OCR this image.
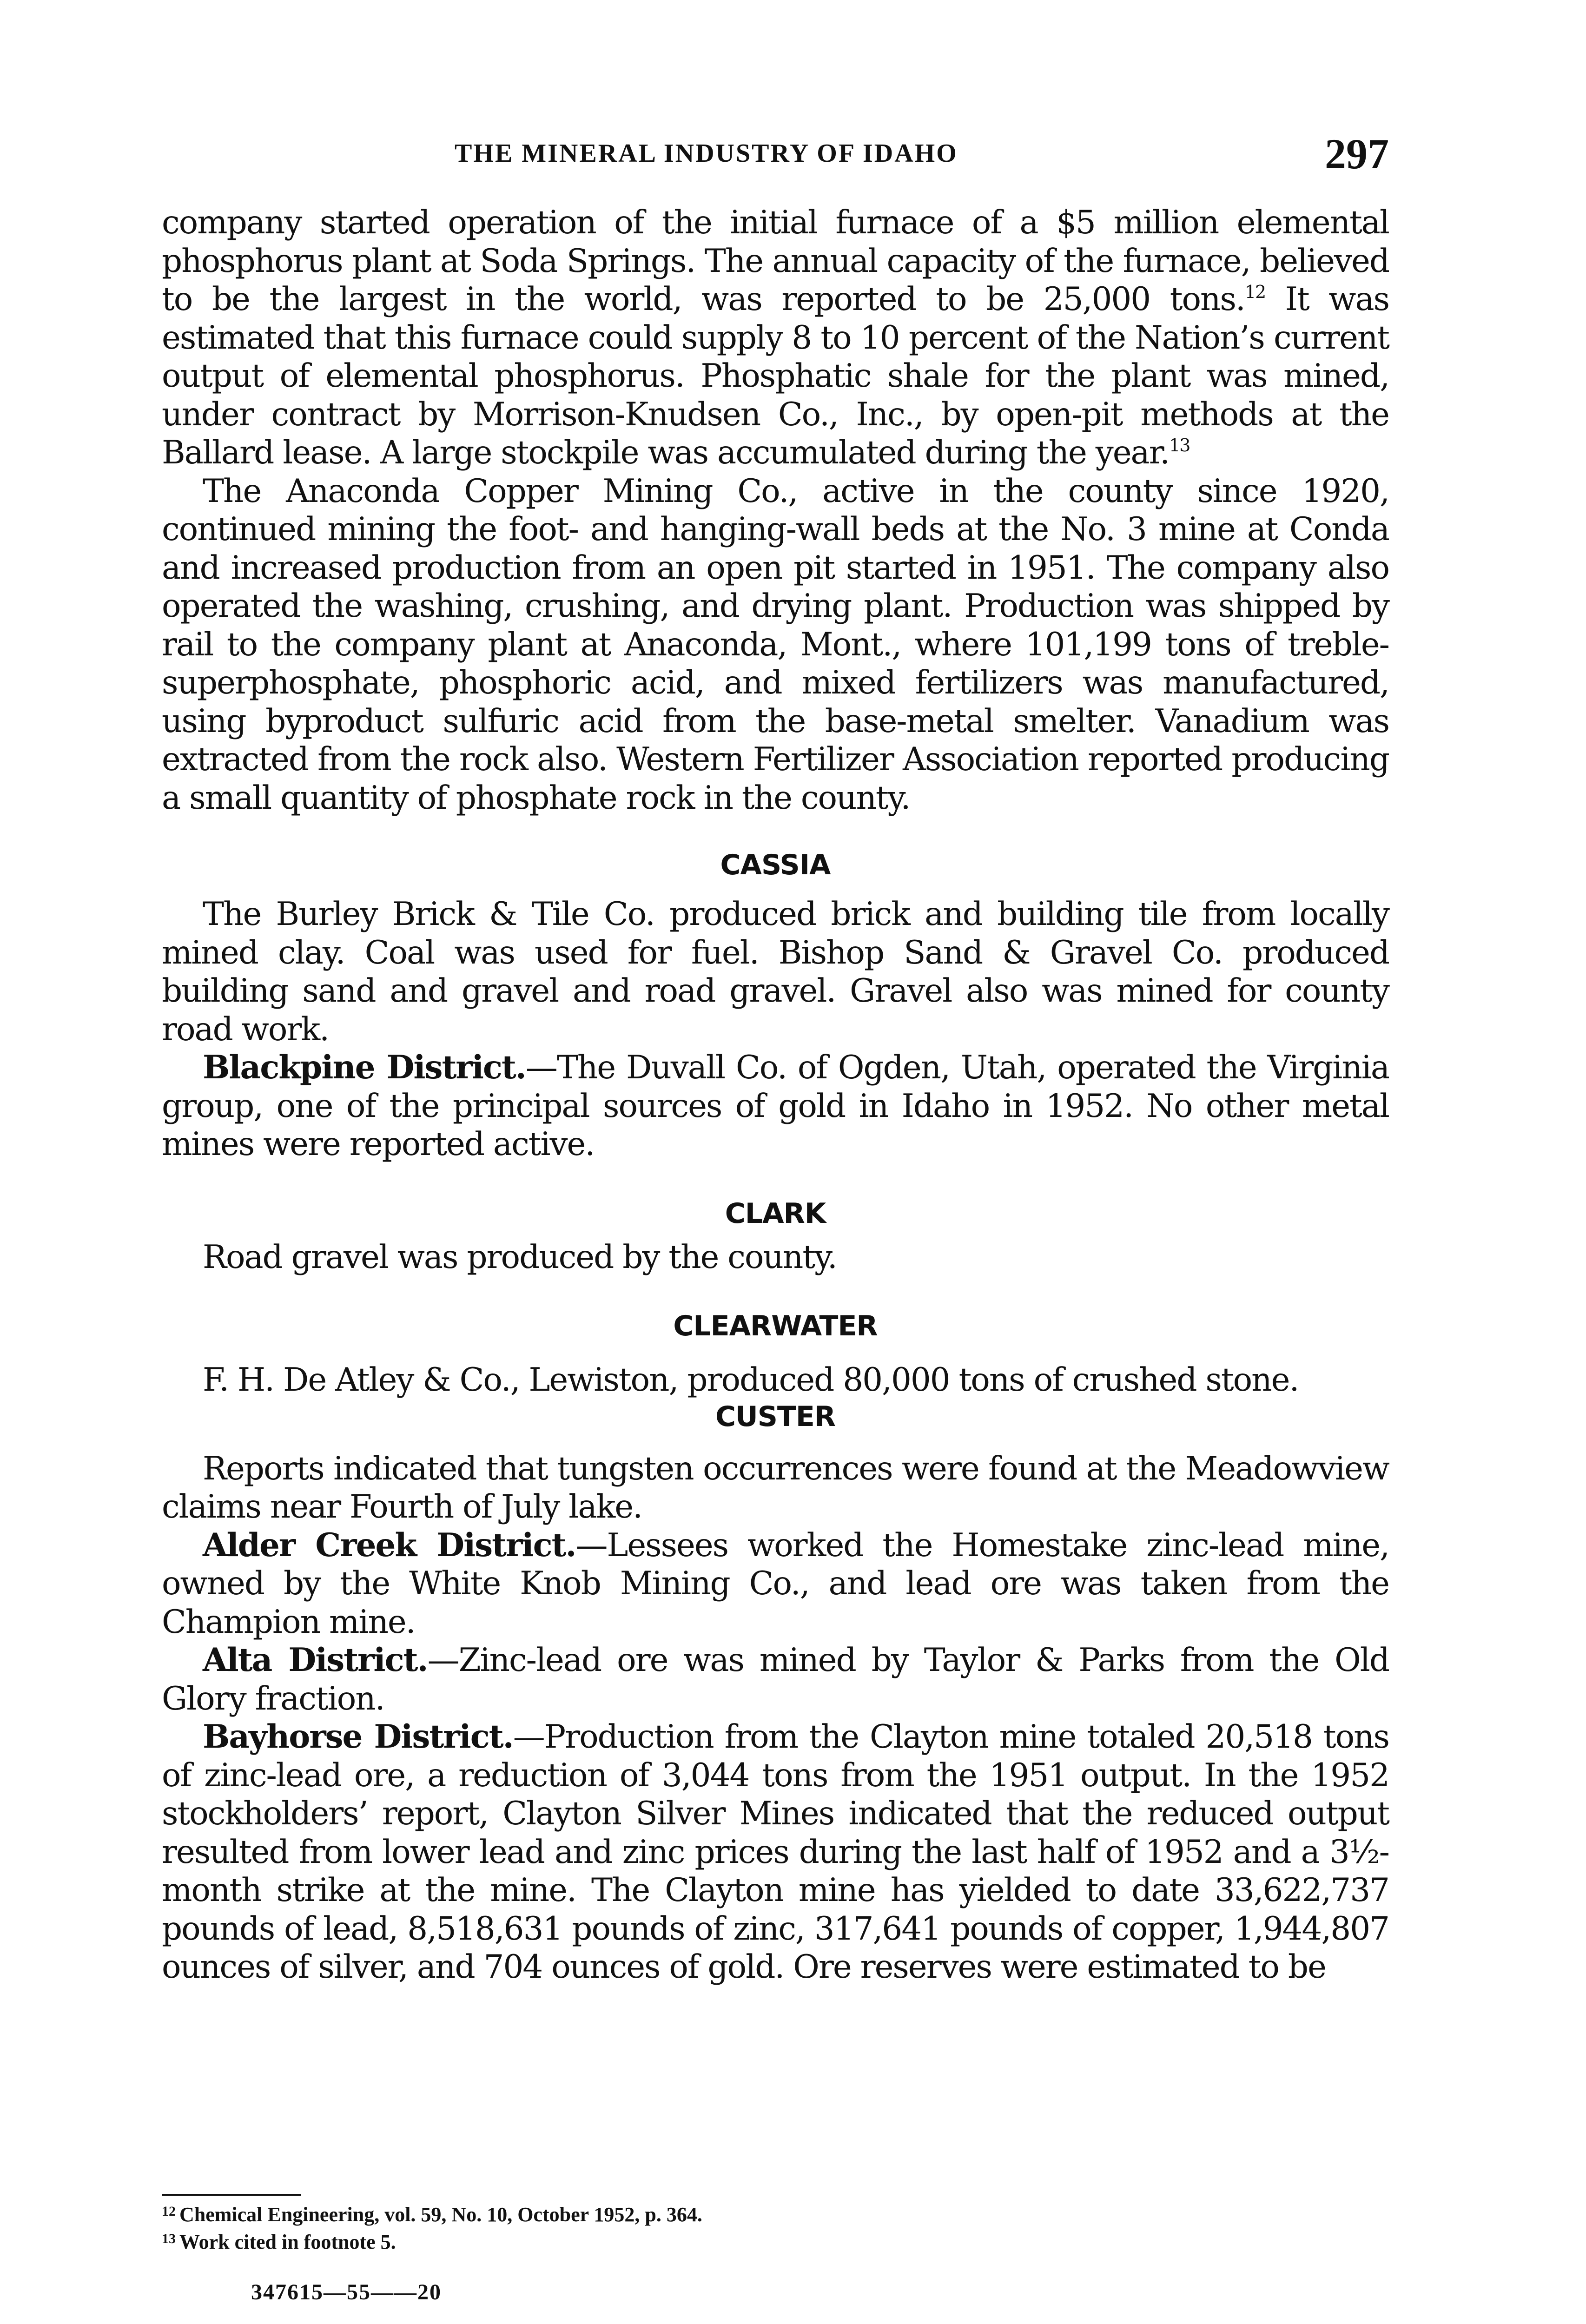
THE MINERAL INDUSTRY OF IDAHO	297

company started operation of the initial furnace of a $5 million elemental phosphorus plant at Soda Springs. The annual capacity of the furnace, believed to be the largest in the world, was reported to be 25,000 tons.$^{12}$ It was estimated that this furnace could supply 8 to 10 percent of the Nation’s current output of elemental phosphorus. Phosphatic shale for the plant was mined, under contract by Morrison-Knudsen Co., Inc., by open-pit methods at the Ballard lease. A large stockpile was accumulated during the year.$^{13}$

The Anaconda Copper Mining Co., active in the county since 1920, continued mining the foot- and hanging-wall beds at the No. 3 mine at Conda and increased production from an open pit started in 1951. The company also operated the washing, crushing, and drying plant. Production was shipped by rail to the company plant at Anaconda, Mont., where 101,199 tons of treble-superphosphate, phosphoric acid, and mixed fertilizers was manufactured, using byproduct sulfuric acid from the base-metal smelter. Vanadium was extracted from the rock also. Western Fertilizer Association reported producing a small quantity of phosphate rock in the county.

CASSIA

The Burley Brick & Tile Co. produced brick and building tile from locally mined clay. Coal was used for fuel. Bishop Sand & Gravel Co. produced building sand and gravel and road gravel. Gravel also was mined for county road work.

Blackpine District.—The Duvall Co. of Ogden, Utah, operated the Virginia group, one of the principal sources of gold in Idaho in 1952. No other metal mines were reported active.

CLARK

Road gravel was produced by the county.

CLEARWATER

F. H. De Atley & Co., Lewiston, produced 80,000 tons of crushed stone.

CUSTER

Reports indicated that tungsten occurrences were found at the Meadowview claims near Fourth of July lake.

Alder Creek District.—Lessees worked the Homestake zinc-lead mine, owned by the White Knob Mining Co., and lead ore was taken from the Champion mine.

Alta District.—Zinc-lead ore was mined by Taylor & Parks from the Old Glory fraction.

Bayhorse District.—Production from the Clayton mine totaled 20,518 tons of zinc-lead ore, a reduction of 3,044 tons from the 1951 output. In the 1952 stockholders’ report, Clayton Silver Mines indicated that the reduced output resulted from lower lead and zinc prices during the last half of 1952 and a 3½-month strike at the mine. The Clayton mine has yielded to date 33,622,737 pounds of lead, 8,518,631 pounds of zinc, 317,641 pounds of copper, 1,944,807 ounces of silver, and 704 ounces of gold. Ore reserves were estimated to be

$^{12}$ Chemical Engineering, vol. 59, No. 10, October 1952, p. 364.

$^{13}$ Work cited in footnote 5.

347615—55——20
